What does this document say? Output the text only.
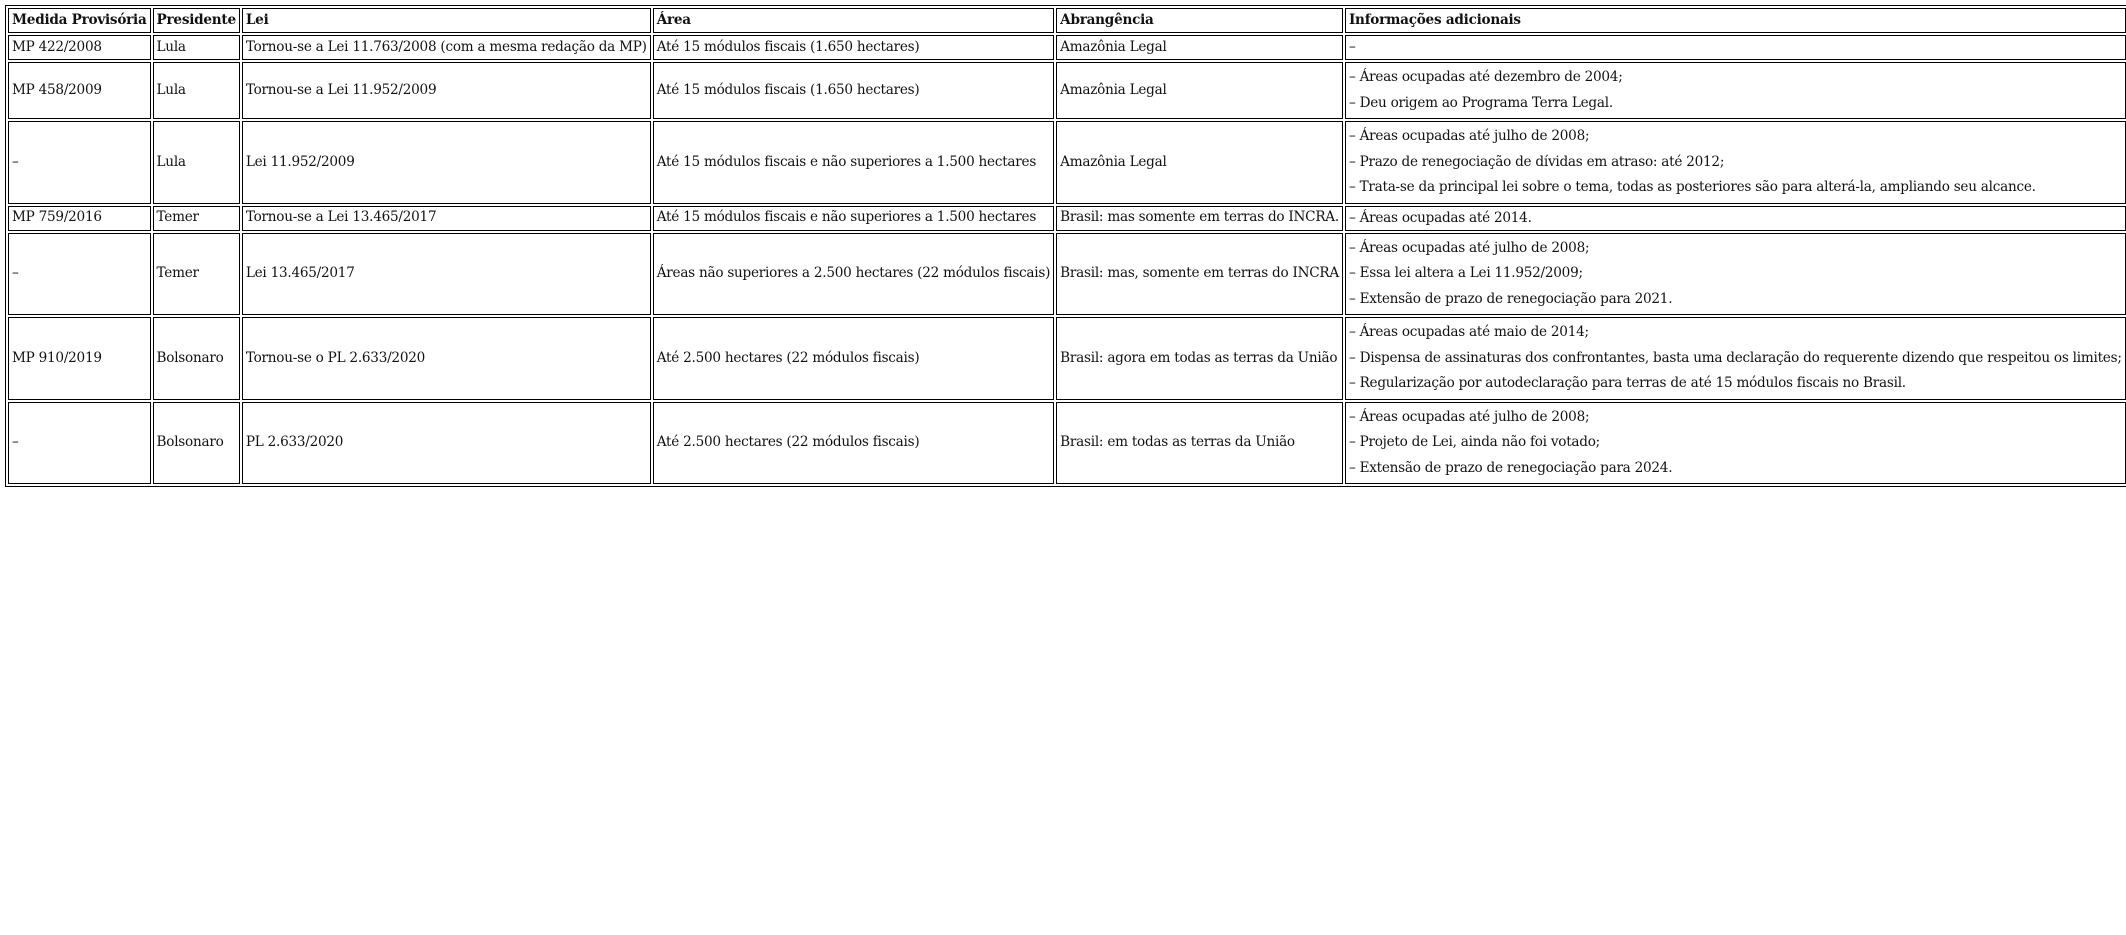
Medida Provisória	Presidente	Lei	Área	Abrangência	Informações adicionais
MP 422/2008	Lula	Tornou-se a Lei 11.763/2008 (com a mesma redação da MP)	Até 15 módulos fiscais (1.650 hectares)	Amazônia Legal	–

MP 458/2009	Lula	Tornou-se a Lei 11.952/2009	Até 15 módulos fiscais (1.650 hectares)	Amazônia Legal	– Áreas ocupadas até dezembro de 2004;
– Deu origem ao Programa Terra Legal.

–	Lula	Lei 11.952/2009	Até 15 módulos fiscais e não superiores a 1.500 hectares	Amazônia Legal	– Áreas ocupadas até julho de 2008;
– Prazo de renegociação de dívidas em atraso: até 2012;
– Trata-se da principal lei sobre o tema, todas as posteriores são para alterá-la, ampliando seu alcance.

MP 759/2016	Temer	Tornou-se a Lei 13.465/2017	Até 15 módulos fiscais e não superiores a 1.500 hectares	Brasil: mas somente em terras do INCRA.	– Áreas ocupadas até 2014.

–	Temer	Lei 13.465/2017	Áreas não superiores a 2.500 hectares (22 módulos fiscais)	Brasil: mas, somente em terras do INCRA	– Áreas ocupadas até julho de 2008;
– Essa lei altera a Lei 11.952/2009;
– Extensão de prazo de renegociação para 2021.

MP 910/2019	Bolsonaro	Tornou-se o PL 2.633/2020	Até 2.500 hectares (22 módulos fiscais)	Brasil: agora em todas as terras da União	– Áreas ocupadas até maio de 2014;
– Dispensa de assinaturas dos confrontantes, basta uma declaração do requerente dizendo que respeitou os limites;
– Regularização por autodeclaração para terras de até 15 módulos fiscais no Brasil.

–	Bolsonaro	PL 2.633/2020	Até 2.500 hectares (22 módulos fiscais)	Brasil: em todas as terras da União	– Áreas ocupadas até julho de 2008;
– Projeto de Lei, ainda não foi votado;
– Extensão de prazo de renegociação para 2024.
